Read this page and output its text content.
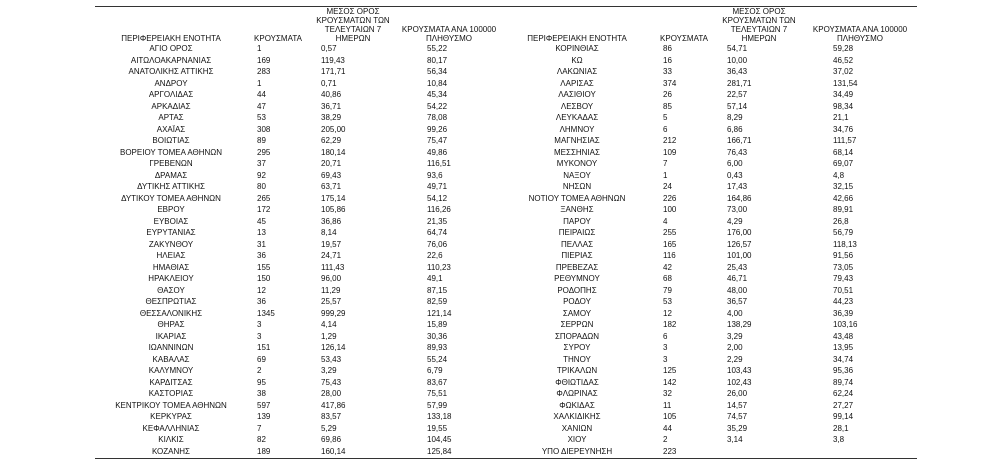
ΠΕΡΙΦΕΡΕΙΑΚΗ ΕΝΟΤΗΤΑ	ΚΡΟΥΣΜΑΤΑ	ΜΕΣΟΣ ΟΡΟΣ ΚΡΟΥΣΜΑΤΩΝ ΤΩΝ ΤΕΛΕΥΤΑΙΩΝ 7 ΗΜΕΡΩΝ	ΚΡΟΥΣΜΑΤΑ ΑΝΑ 100000 ΠΛΗΘΥΣΜΟ	ΠΕΡΙΦΕΡΕΙΑΚΗ ΕΝΟΤΗΤΑ	ΚΡΟΥΣΜΑΤΑ	ΜΕΣΟΣ ΟΡΟΣ ΚΡΟΥΣΜΑΤΩΝ ΤΩΝ ΤΕΛΕΥΤΑΙΩΝ 7 ΗΜΕΡΩΝ	ΚΡΟΥΣΜΑΤΑ ΑΝΑ 100000 ΠΛΗΘΥΣΜΟ
ΑΓΙΟ ΟΡΟΣ	1	0,57	55,22	ΚΟΡΙΝΘΙΑΣ	86	54,71	59,28
ΑΙΤΩΛΟΑΚΑΡΝΑΝΙΑΣ	169	119,43	80,17	ΚΩ	16	10,00	46,52
ΑΝΑΤΟΛΙΚΗΣ ΑΤΤΙΚΗΣ	283	171,71	56,34	ΛΑΚΩΝΙΑΣ	33	36,43	37,02
ΑΝΔΡΟΥ	1	0,71	10,84	ΛΑΡΙΣΑΣ	374	281,71	131,54
ΑΡΓΟΛΙΔΑΣ	44	40,86	45,34	ΛΑΣΙΘΙΟΥ	26	22,57	34,49
ΑΡΚΑΔΙΑΣ	47	36,71	54,22	ΛΕΣΒΟΥ	85	57,14	98,34
ΑΡΤΑΣ	53	38,29	78,08	ΛΕΥΚΑΔΑΣ	5	8,29	21,1
ΑΧΑΪΑΣ	308	205,00	99,26	ΛΗΜΝΟΥ	6	6,86	34,76
ΒΟΙΩΤΙΑΣ	89	62,29	75,47	ΜΑΓΝΗΣΙΑΣ	212	166,71	111,57
ΒΟΡΕΙΟΥ ΤΟΜΕΑ ΑΘΗΝΩΝ	295	180,14	49,86	ΜΕΣΣΗΝΙΑΣ	109	76,43	68,14
ΓΡΕΒΕΝΩΝ	37	20,71	116,51	ΜΥΚΟΝΟΥ	7	6,00	69,07
ΔΡΑΜΑΣ	92	69,43	93,6	ΝΑΞΟΥ	1	0,43	4,8
ΔΥΤΙΚΗΣ ΑΤΤΙΚΗΣ	80	63,71	49,71	ΝΗΣΩΝ	24	17,43	32,15
ΔΥΤΙΚΟΥ ΤΟΜΕΑ ΑΘΗΝΩΝ	265	175,14	54,12	ΝΟΤΙΟΥ ΤΟΜΕΑ ΑΘΗΝΩΝ	226	164,86	42,66
ΕΒΡΟΥ	172	105,86	116,26	ΞΑΝΘΗΣ	100	73,00	89,91
ΕΥΒΟΙΑΣ	45	36,86	21,35	ΠΑΡΟΥ	4	4,29	26,8
ΕΥΡΥΤΑΝΙΑΣ	13	8,14	64,74	ΠΕΙΡΑΙΩΣ	255	176,00	56,79
ΖΑΚΥΝΘΟΥ	31	19,57	76,06	ΠΕΛΛΑΣ	165	126,57	118,13
ΗΛΕΙΑΣ	36	24,71	22,6	ΠΙΕΡΙΑΣ	116	101,00	91,56
ΗΜΑΘΙΑΣ	155	111,43	110,23	ΠΡΕΒΕΖΑΣ	42	25,43	73,05
ΗΡΑΚΛΕΙΟΥ	150	96,00	49,1	ΡΕΘΥΜΝΟΥ	68	46,71	79,43
ΘΑΣΟΥ	12	11,29	87,15	ΡΟΔΟΠΗΣ	79	48,00	70,51
ΘΕΣΠΡΩΤΙΑΣ	36	25,57	82,59	ΡΟΔΟΥ	53	36,57	44,23
ΘΕΣΣΑΛΟΝΙΚΗΣ	1345	999,29	121,14	ΣΑΜΟΥ	12	4,00	36,39
ΘΗΡΑΣ	3	4,14	15,89	ΣΕΡΡΩΝ	182	138,29	103,16
ΙΚΑΡΙΑΣ	3	1,29	30,36	ΣΠΟΡΑΔΩΝ	6	3,29	43,48
ΙΩΑΝΝΙΝΩΝ	151	126,14	89,93	ΣΥΡΟΥ	3	2,00	13,95
ΚΑΒΑΛΑΣ	69	53,43	55,24	ΤΗΝΟΥ	3	2,29	34,74
ΚΑΛΥΜΝΟΥ	2	3,29	6,79	ΤΡΙΚΑΛΩΝ	125	103,43	95,36
ΚΑΡΔΙΤΣΑΣ	95	75,43	83,67	ΦΘΙΩΤΙΔΑΣ	142	102,43	89,74
ΚΑΣΤΟΡΙΑΣ	38	28,00	75,51	ΦΛΩΡΙΝΑΣ	32	26,00	62,24
ΚΕΝΤΡΙΚΟΥ ΤΟΜΕΑ ΑΘΗΝΩΝ	597	417,86	57,99	ΦΩΚΙΔΑΣ	11	14,57	27,27
ΚΕΡΚΥΡΑΣ	139	83,57	133,18	ΧΑΛΚΙΔΙΚΗΣ	105	74,57	99,14
ΚΕΦΑΛΛΗΝΙΑΣ	7	5,29	19,55	ΧΑΝΙΩΝ	44	35,29	28,1
ΚΙΛΚΙΣ	82	69,86	104,45	ΧΙΟΥ	2	3,14	3,8
ΚΟΖΑΝΗΣ	189	160,14	125,84	ΥΠΟ ΔΙΕΡΕΥΝΗΣΗ	223		
